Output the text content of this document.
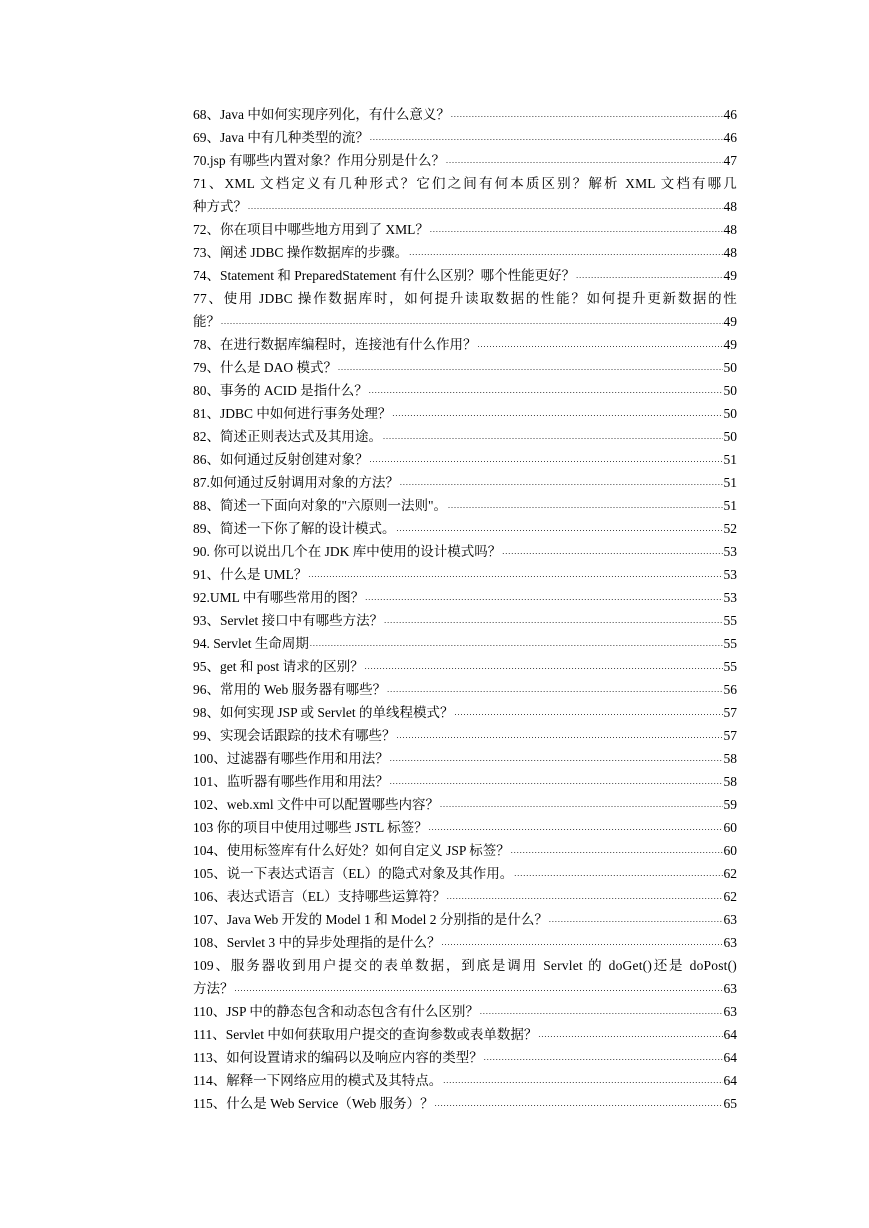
68、Java 中如何实现序列化，有什么意义？ .....	46
69、Java 中有几种类型的流？ .....	46
70.jsp 有哪些内置对象？作用分别是什么？ .....	47
71、XML 文档定义有几种形式？它们之间有何本质区别？解析 XML 文档有哪几
种方式？ .....	48
72、你在项目中哪些地方用到了 XML？ .....	48
73、阐述 JDBC 操作数据库的步骤。 .....	48
74、Statement 和 PreparedStatement 有什么区别？哪个性能更好？ .....	49
77、使用 JDBC 操作数据库时，如何提升读取数据的性能？如何提升更新数据的性
能？ .....	49
78、在进行数据库编程时，连接池有什么作用？ .....	49
79、什么是 DAO 模式？ .....	50
80、事务的 ACID 是指什么？ .....	50
81、JDBC 中如何进行事务处理？ .....	50
82、简述正则表达式及其用途。 .....	50
86、如何通过反射创建对象？ .....	51
87.如何通过反射调用对象的方法？ .....	51
88、简述一下面向对象的"六原则一法则"。 .....	51
89、简述一下你了解的设计模式。 .....	52
90. 你可以说出几个在 JDK 库中使用的设计模式吗？ .....	53
91、什么是 UML？ .....	53
92.UML 中有哪些常用的图？ .....	53
93、Servlet 接口中有哪些方法？ .....	55
94. Servlet 生命周期 .....	55
95、get 和 post 请求的区别？ .....	55
96、常用的 Web 服务器有哪些？ .....	56
98、如何实现 JSP 或 Servlet 的单线程模式？ .....	57
99、实现会话跟踪的技术有哪些？ .....	57
100、过滤器有哪些作用和用法？ .....	58
101、监听器有哪些作用和用法？ .....	58
102、web.xml 文件中可以配置哪些内容？ .....	59
103 你的项目中使用过哪些 JSTL 标签？ .....	60
104、使用标签库有什么好处？如何自定义 JSP 标签？ .....	60
105、说一下表达式语言（EL）的隐式对象及其作用。 .....	62
106、表达式语言（EL）支持哪些运算符？ .....	62
107、Java Web 开发的 Model 1 和 Model 2 分别指的是什么？ .....	63
108、Servlet 3 中的异步处理指的是什么？ .....	63
109、服务器收到用户提交的表单数据，到底是调用 Servlet 的 doGet()还是 doPost()
方法？ .....	63
110、JSP 中的静态包含和动态包含有什么区别？ .....	63
111、Servlet 中如何获取用户提交的查询参数或表单数据？ .....	64
113、如何设置请求的编码以及响应内容的类型？ .....	64
114、解释一下网络应用的模式及其特点。 .....	64
115、什么是 Web Service（Web 服务）？ .....	65
